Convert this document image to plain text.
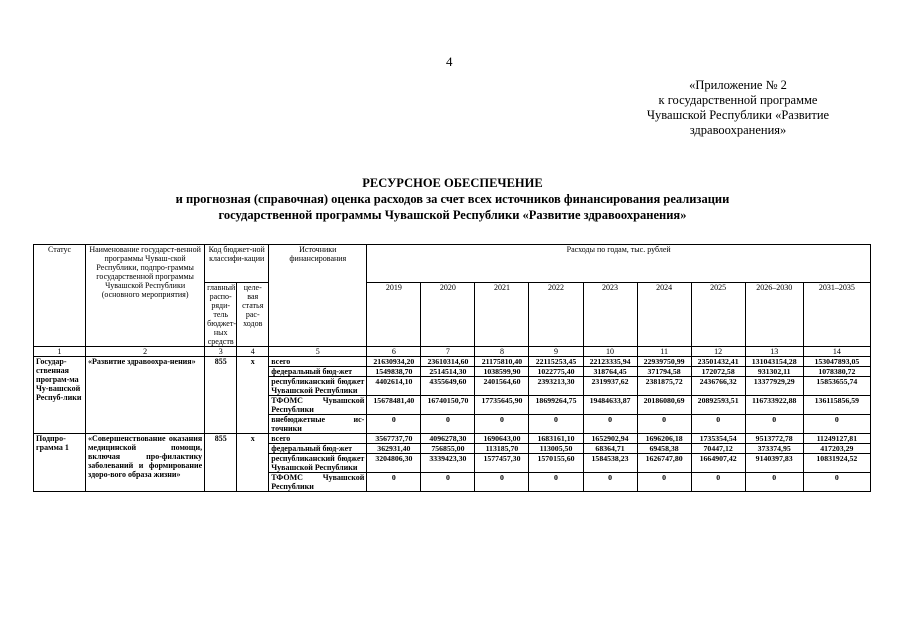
4
«Приложение № 2
к государственной программе
Чувашской Республики «Развитие
здравоохранения»
РЕСУРСНОЕ ОБЕСПЕЧЕНИЕ
и прогнозная (справочная) оценка расходов за счет всех источников финансирования реализации
государственной программы Чувашской Республики «Развитие здравоохранения»
Статус	Наименование государст-венной программы Чуваш-ской Республики, подпро-граммы государственной программы Чувашской Республики (основного мероприятия)	Код бюджет-ной классифи-кации		Источники финансирования	Расходы по годам, тыс. рублей								
		главный распо-ряди-тель бюджет-ных средств	целе-вая статья рас-ходов		2019	2020	2021	2022	2023	2024	2025	2026–2030	2031–2035

1	2	3	4	5	6	7	8	9	10	11	12	13	14
Государ-ственная програм-ма Чу-вашской Респуб-лики	«Развитие здравоохра-нения»	855	x	всего	21630934,20	23610314,60	21175810,40	22115253,45	22123335,94	22939750,99	23501432,41	131043154,28	153047893,05
				федеральный бюд-жет	1549838,70	2514514,30	1038599,90	1022775,40	318764,45	371794,58	172072,58	931302,11	1078380,72
				республиканский бюджет Чувашской Республики	4402614,10	4355649,60	2401564,60	2393213,30	2319937,62	2381875,72	2436766,32	13377929,29	15853655,74
				ТФОМС Чувашской Республики	15678481,40	16740150,70	17735645,90	18699264,75	19484633,87	20186080,69	20892593,51	116733922,88	136115856,59
				внебюджетные ис-точники	0	0	0	0	0	0	0	0	0
Подпро-грамма 1	«Совершенствование оказания медицинской помощи, включая про-филактику заболеваний и формирование здоро-вого образа жизни»	855	x	всего	3567737,70	4096278,30	1690643,00	1683161,10	1652902,94	1696206,18	1735354,54	9513772,78	11249127,81
				федеральный бюд-жет	362931,40	756855,00	113185,70	113005,50	68364,71	69458,38	70447,12	373374,95	417203,29
				республиканский бюджет Чувашской Республики	3204806,30	3339423,30	1577457,30	1570155,60	1584538,23	1626747,80	1664907,42	9140397,83	10831924,52
				ТФОМС Чувашской Республики	0	0	0	0	0	0	0	0	0
